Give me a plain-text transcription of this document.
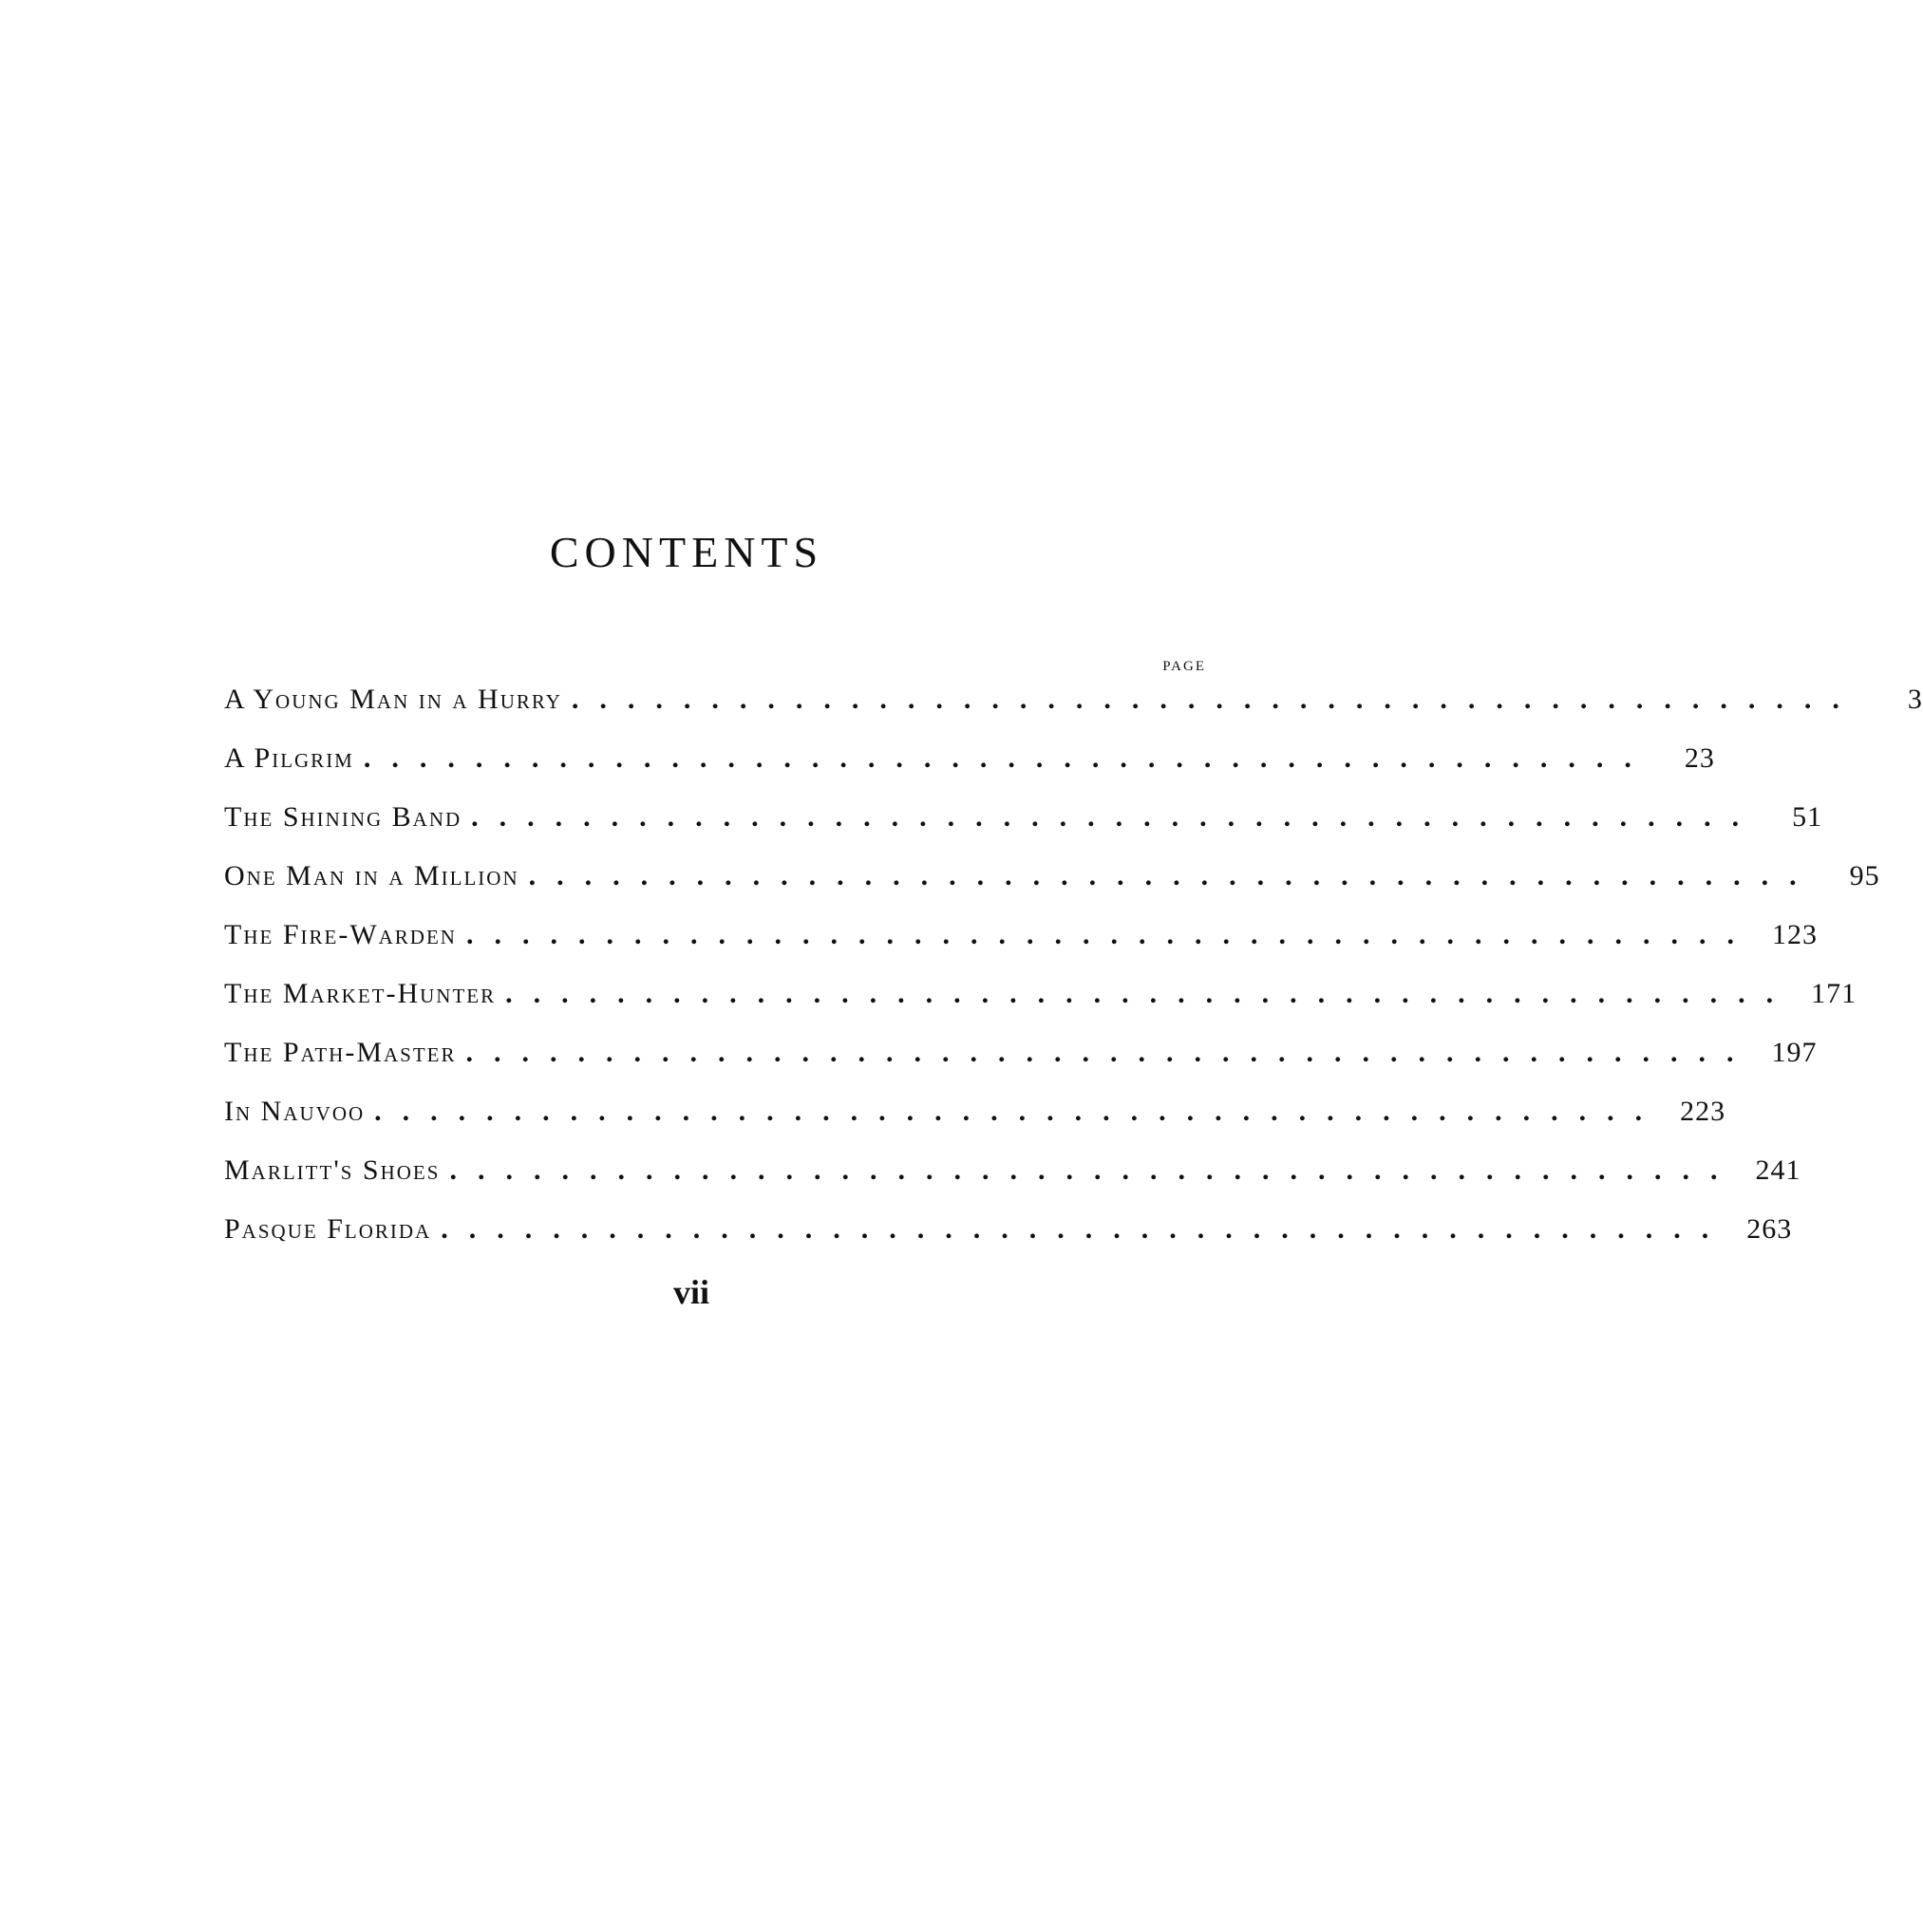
CONTENTS
PAGE
A Young Man in a Hurry ..............................................	3
A Pilgrim ..............................................	23
The Shining Band ..............................................	51
One Man in a Million ..............................................	95
The Fire-Warden .............................................. 123
The Market-Hunter .............................................. 171
The Path-Master .............................................. 197
In Nauvoo .............................................. 223
Marlitt's Shoes .............................................. 241
Pasque Florida .............................................. 263
vii
